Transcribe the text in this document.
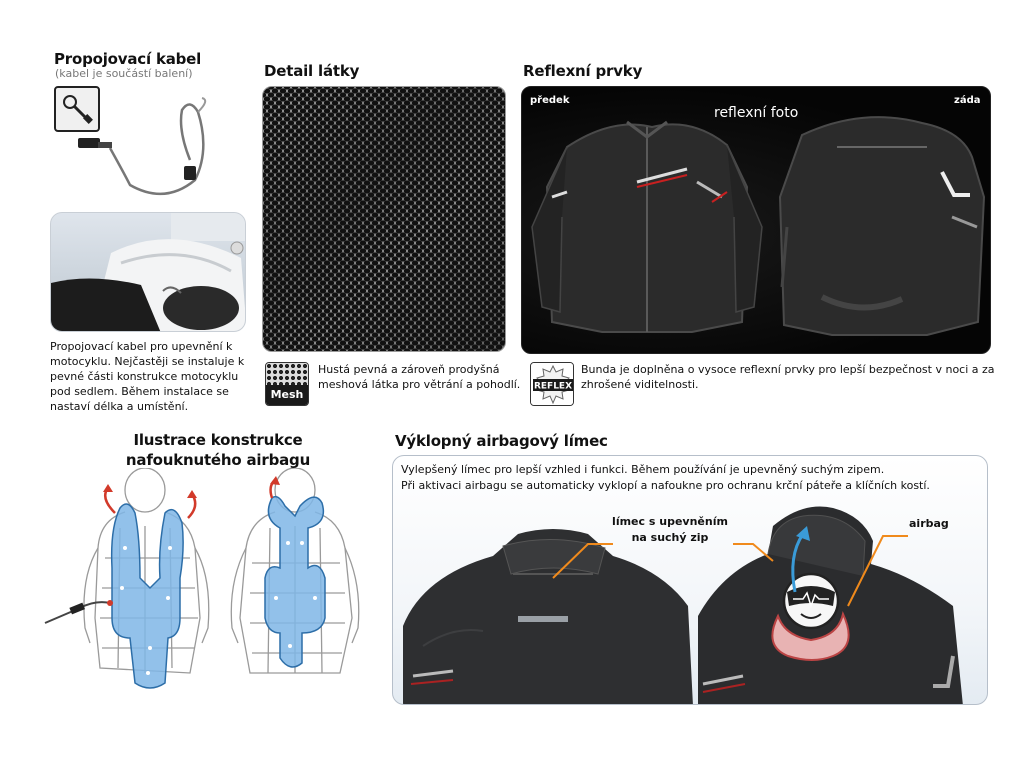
Propojovací kabel
(kabel je součástí balení)
Propojovací kabel pro upevnění k motocyklu. Nejčastěji se instaluje k pevné části konstrukce motocyklu pod sedlem. Během instalace se nastaví délka a umístění.
Detail látky
Mesh
Hustá pevná a zároveň prodyšná meshová látka pro větrání a pohodlí.
Reflexní prvky
předek	záda
reflexní foto
REFLEX
Bunda je doplněna o vysoce reflexní prvky pro lepší bezpečnost v noci a za zhrošené viditelnosti.
Ilustrace konstrukce nafouknutého airbagu
Výklopný airbagový límec
Vylepšený límec pro lepší vzhled i funkci. Během používání je upevněný suchým zipem.
Při aktivaci airbagu se automaticky vyklopí a nafoukne pro ochranu krční páteře a klíčních kostí.
límec s upevněním na suchý zip
airbag
